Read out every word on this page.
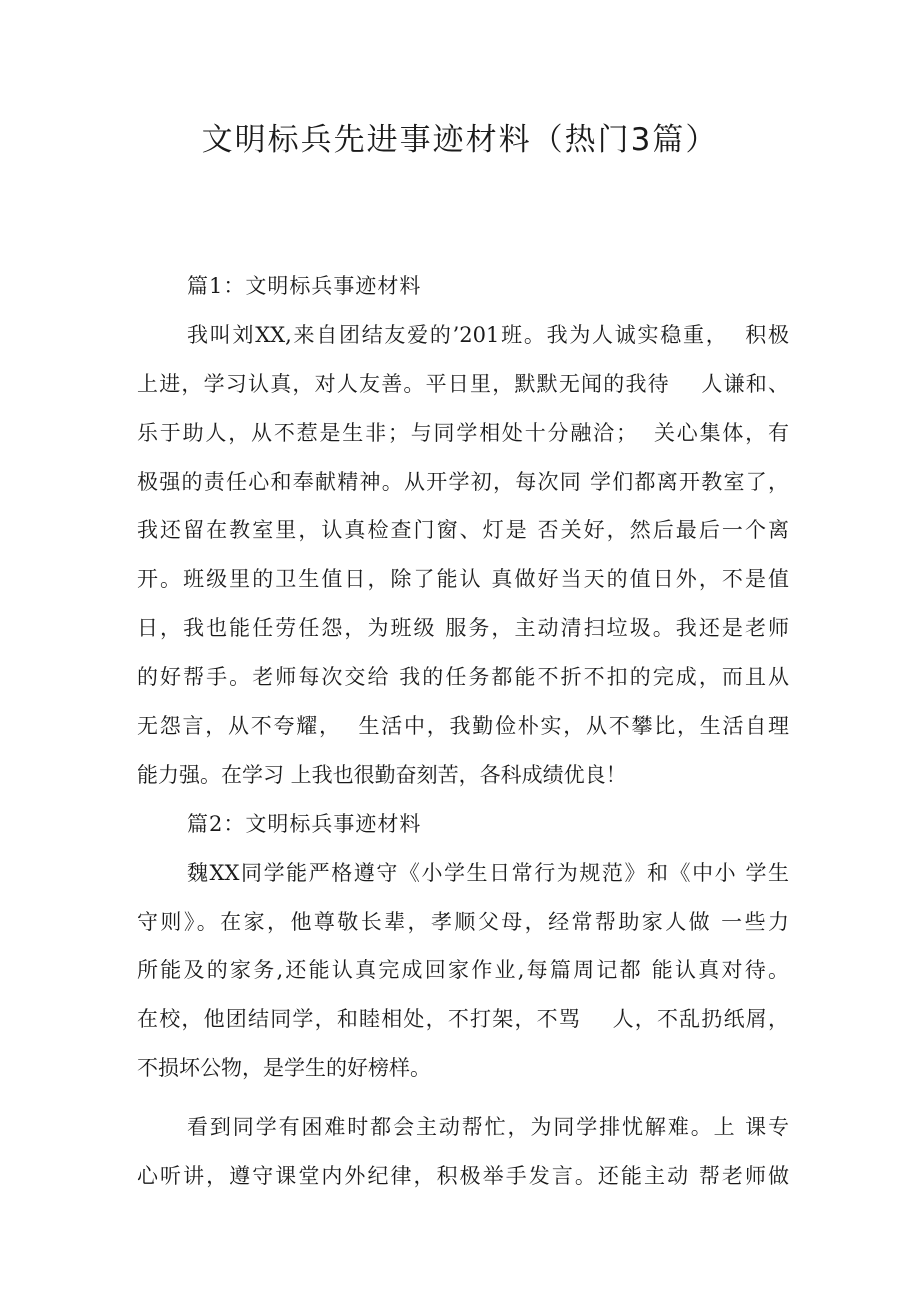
文明标兵先进事迹材料（热门3篇）
篇1：文明标兵事迹材料
我叫刘XX,来自团结友爱的’201班。我为人诚实稳重，  积极
上进，学习认真，对人友善。平日里，默默无闻的我待    人谦和、
乐于助人，从不惹是生非；与同学相处十分融洽；  关心集体，有
极强的责任心和奉献精神。从开学初，每次同 学们都离开教室了，
我还留在教室里，认真检查门窗、灯是 否关好，然后最后一个离
开。班级里的卫生值日，除了能认 真做好当天的值日外，不是值
日，我也能任劳任怨，为班级 服务，主动清扫垃圾。我还是老师
的好帮手。老师每次交给 我的任务都能不折不扣的完成，而且从
无怨言，从不夸耀，  生活中，我勤俭朴实，从不攀比，生活自理
能力强。在学习 上我也很勤奋刻苦，各科成绩优良！
篇2：文明标兵事迹材料
魏XX同学能严格遵守《小学生日常行为规范》和《中小 学生
守则》。在家，他尊敬长辈，孝顺父母，经常帮助家人做 一些力
所能及的家务,还能认真完成回家作业,每篇周记都 能认真对待。
在校，他团结同学，和睦相处，不打架，不骂    人，不乱扔纸屑，
不损坏公物，是学生的好榜样。
看到同学有困难时都会主动帮忙，为同学排忧解难。上 课专
心听讲，遵守课堂内外纪律，积极举手发言。还能主动 帮老师做
